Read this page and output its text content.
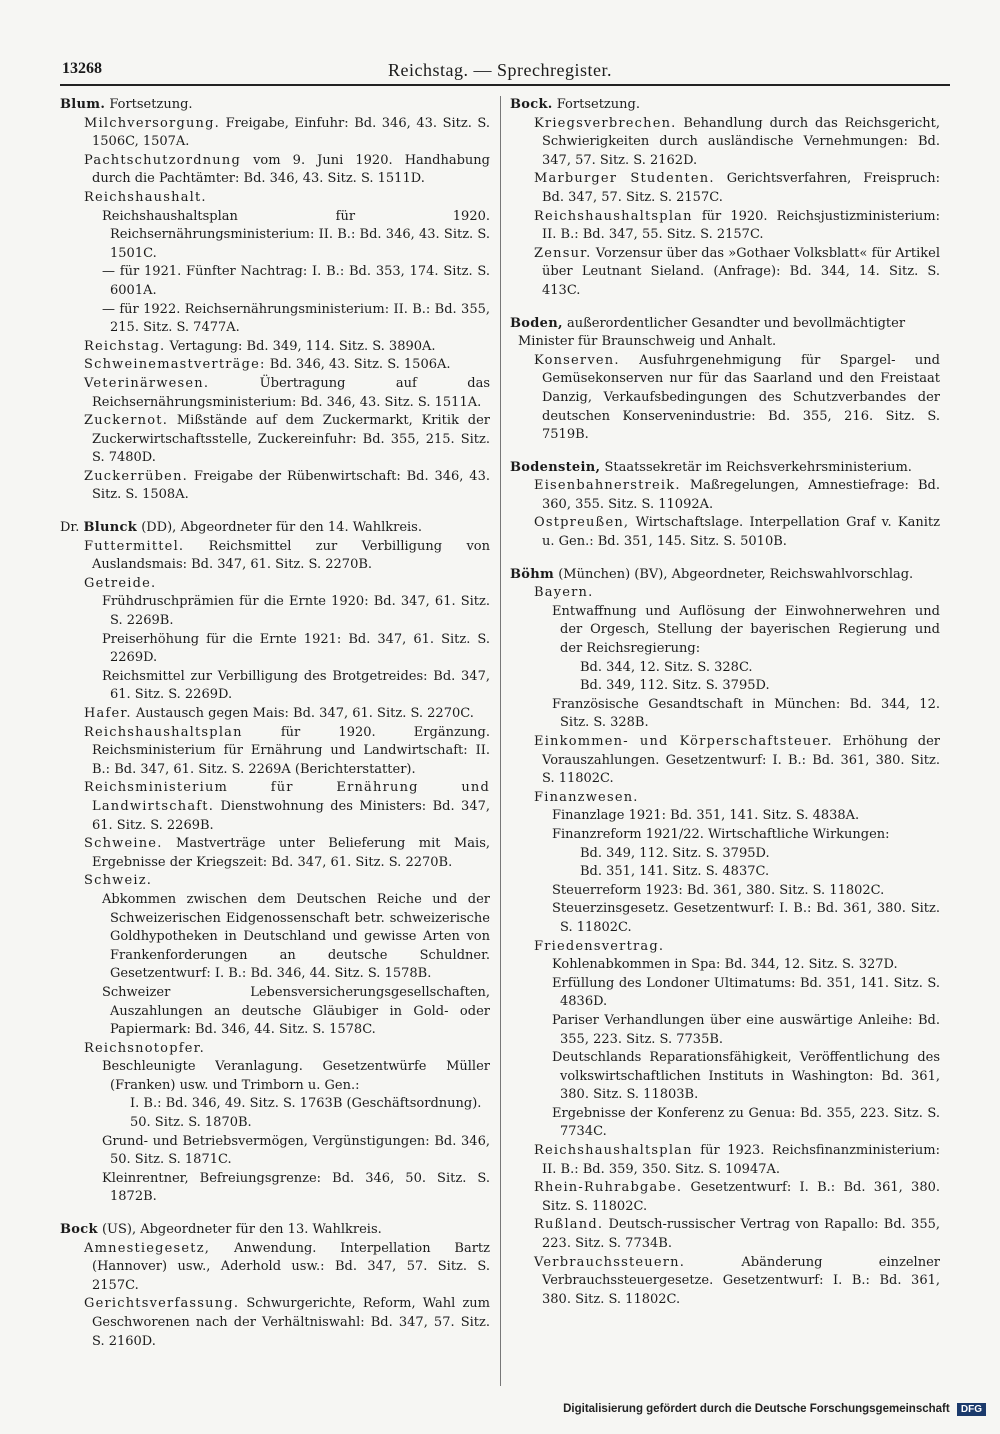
13268	Reichstag. — Sprechregister.
Blum. Fortsetzung.
Milchversorgung. Freigabe, Einfuhr: Bd. 346, 43. Sitz. S. 1506C, 1507A.
Pachtschutzordnung vom 9. Juni 1920. Handhabung durch die Pachtämter: Bd. 346, 43. Sitz. S. 1511D.
Reichshaushalt.
Reichshaushaltsplan für 1920. Reichsernährungsministerium: II. B.: Bd. 346, 43. Sitz. S. 1501C.
— für 1921. Fünfter Nachtrag: I. B.: Bd. 353, 174. Sitz. S. 6001A.
— für 1922. Reichsernährungsministerium: II. B.: Bd. 355, 215. Sitz. S. 7477A.
Reichstag. Vertagung: Bd. 349, 114. Sitz. S. 3890A.
Schweinemastverträge: Bd. 346, 43. Sitz. S. 1506A.
Veterinärwesen.	Übertragung auf das Reichsernährungsministerium: Bd. 346, 43. Sitz. S. 1511A.
Zuckernot. Mißstände auf dem Zuckermarkt, Kritik der Zuckerwirtschaftsstelle, Zuckereinfuhr: Bd. 355, 215. Sitz. S. 7480D.
Zuckerrüben. Freigabe der Rübenwirtschaft: Bd. 346, 43. Sitz. S. 1508A.
Dr. Blunck (DD), Abgeordneter für den 14. Wahlkreis.
Futtermittel. Reichsmittel zur Verbilligung von Auslandsmais: Bd. 347, 61. Sitz. S. 2270B.
Getreide.
Frühdruschprämien für die Ernte 1920: Bd. 347, 61. Sitz. S. 2269B.
Preiserhöhung für die Ernte 1921: Bd. 347, 61. Sitz. S. 2269D.
Reichsmittel zur Verbilligung des Brotgetreides: Bd. 347, 61. Sitz. S. 2269D.
Hafer. Austausch gegen Mais: Bd. 347, 61. Sitz. S. 2270C.
Reichshaushaltsplan	für 1920. Ergänzung. Reichsministerium für Ernährung und Landwirtschaft: II. B.: Bd. 347, 61. Sitz. S. 2269A (Berichterstatter).
Reichsministerium für Ernährung und Landwirtschaft. Dienstwohnung des Ministers: Bd. 347, 61. Sitz. S. 2269B.
Schweine. Mastverträge unter Belieferung mit Mais, Ergebnisse der Kriegszeit: Bd. 347, 61. Sitz. S. 2270B.
Schweiz.
Abkommen zwischen dem Deutschen Reiche und der Schweizerischen Eidgenossenschaft betr. schweizerische Goldhypotheken in Deutschland und gewisse Arten von Frankenforderungen an deutsche Schuldner. Gesetzentwurf: I. B.: Bd. 346, 44. Sitz. S. 1578B.
Schweizer Lebensversicherungsgesellschaften, Auszahlungen an deutsche Gläubiger in Gold- oder Papiermark: Bd. 346, 44. Sitz. S. 1578C.
Reichsnotopfer.
Beschleunigte Veranlagung. Gesetzentwürfe Müller (Franken) usw. und Trimborn u. Gen.:
I. B.: Bd. 346, 49. Sitz. S. 1763B (Geschäftsordnung).
50. Sitz. S. 1870B.
Grund- und Betriebsvermögen, Vergünstigungen: Bd. 346, 50. Sitz. S. 1871C.
Kleinrentner, Befreiungsgrenze: Bd. 346, 50. Sitz. S. 1872B.
Bock (US), Abgeordneter für den 13. Wahlkreis.
Amnestiegesetz, Anwendung. Interpellation Bartz (Hannover) usw., Aderhold usw.: Bd. 347, 57. Sitz. S. 2157C.
Gerichtsverfassung. Schwurgerichte, Reform, Wahl zum Geschworenen nach der Verhältniswahl: Bd. 347, 57. Sitz. S. 2160D.
Bock. Fortsetzung.
Kriegsverbrechen. Behandlung durch das Reichsgericht, Schwierigkeiten durch ausländische Vernehmungen: Bd. 347, 57. Sitz. S. 2162D.
Marburger Studenten. Gerichtsverfahren, Freispruch: Bd. 347, 57. Sitz. S. 2157C.
Reichshaushaltsplan für 1920. Reichsjustizministerium: II. B.: Bd. 347, 55. Sitz. S. 2157C.
Zensur. Vorzensur über das »Gothaer Volksblatt« für Artikel über Leutnant Sieland. (Anfrage): Bd. 344, 14. Sitz. S. 413C.
Boden, außerordentlicher Gesandter und bevollmächtigter Minister für Braunschweig und Anhalt.
Konserven. Ausfuhrgenehmigung für Spargel- und Gemüsekonserven nur für das Saarland und den Freistaat Danzig, Verkaufsbedingungen des Schutzverbandes der deutschen Konservenindustrie: Bd. 355, 216. Sitz. S. 7519B.
Bodenstein, Staatssekretär im Reichsverkehrsministerium.
Eisenbahnerstreik. Maßregelungen, Amnestiefrage: Bd. 360, 355. Sitz. S. 11092A.
Ostpreußen, Wirtschaftslage. Interpellation Graf v. Kanitz u. Gen.: Bd. 351, 145. Sitz. S. 5010B.
Böhm (München) (BV), Abgeordneter, Reichswahlvorschlag.
Bayern.
Entwaffnung und Auflösung der Einwohnerwehren und der Orgesch, Stellung der bayerischen Regierung und der Reichsregierung:
Bd. 344, 12. Sitz. S. 328C.
Bd. 349, 112. Sitz. S. 3795D.
Französische Gesandtschaft in München: Bd. 344, 12. Sitz. S. 328B.
Einkommen- und Körperschaftsteuer. Erhöhung der Vorauszahlungen. Gesetzentwurf: I. B.: Bd. 361, 380. Sitz. S. 11802C.
Finanzwesen.
Finanzlage 1921: Bd. 351, 141. Sitz. S. 4838A.
Finanzreform 1921/22. Wirtschaftliche Wirkungen:
Bd. 349, 112. Sitz. S. 3795D.
Bd. 351, 141. Sitz. S. 4837C.
Steuerreform 1923: Bd. 361, 380. Sitz. S. 11802C.
Steuerzinsgesetz. Gesetzentwurf: I. B.: Bd. 361, 380. Sitz. S. 11802C.
Friedensvertrag.
Kohlenabkommen in Spa: Bd. 344, 12. Sitz. S. 327D.
Erfüllung des Londoner Ultimatums: Bd. 351, 141. Sitz. S. 4836D.
Pariser Verhandlungen über eine auswärtige Anleihe: Bd. 355, 223. Sitz. S. 7735B.
Deutschlands Reparationsfähigkeit, Veröffentlichung des volkswirtschaftlichen Instituts in Washington: Bd. 361, 380. Sitz. S. 11803B.
Ergebnisse der Konferenz zu Genua: Bd. 355, 223. Sitz. S. 7734C.
Reichshaushaltsplan für 1923. Reichsfinanzministerium: II. B.: Bd. 359, 350. Sitz. S. 10947A.
Rhein-Ruhrabgabe. Gesetzentwurf: I. B.: Bd. 361, 380. Sitz. S. 11802C.
Rußland. Deutsch-russischer Vertrag von Rapallo: Bd. 355, 223. Sitz. S. 7734B.
Verbrauchssteuern.	Abänderung einzelner Verbrauchssteuergesetze. Gesetzentwurf: I. B.: Bd. 361, 380. Sitz. S. 11802C.
Digitalisierung gefördert durch die Deutsche Forschungsgemeinschaft DFG
